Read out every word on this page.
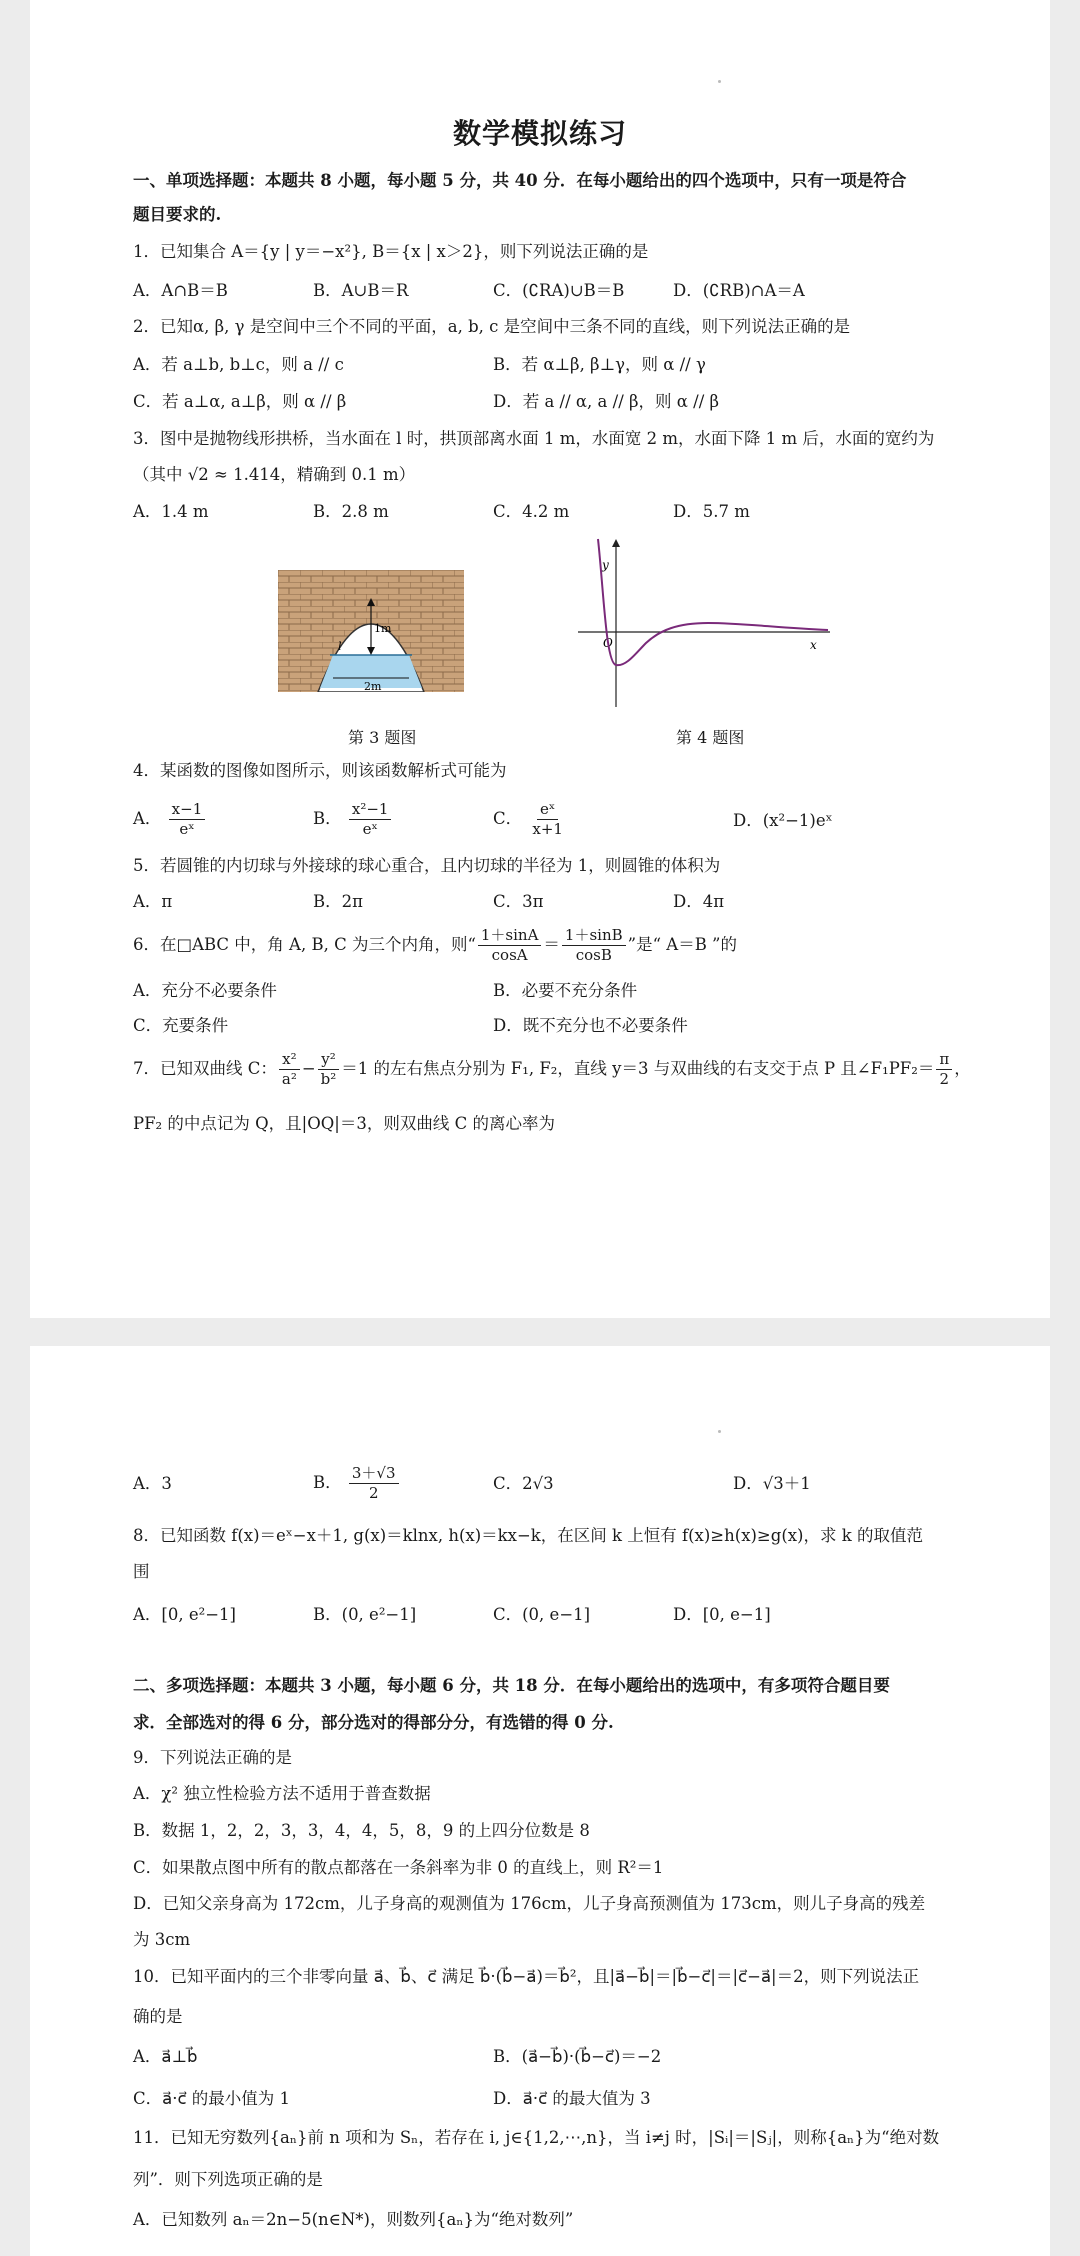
数学模拟练习
一、单项选择题：本题共 8 小题，每小题 5 分，共 40 分．在每小题给出的四个选项中，只有一项是符合
题目要求的.
1．已知集合 A＝{y | y＝−x²}, B＝{x | x＞2}，则下列说法正确的是
A．A∩B＝B	B．A∪B＝R	C．(∁RA)∪B＝B	D．(∁RB)∩A＝A
2．已知α, β, γ 是空间中三个不同的平面，a, b, c 是空间中三条不同的直线，则下列说法正确的是
A．若 a⊥b, b⊥c，则 a // c	B．若 α⊥β, β⊥γ，则 α // γ
C．若 a⊥α, a⊥β，则 α // β	D．若 a // α, a // β，则 α // β
3．图中是抛物线形拱桥，当水面在 l 时，拱顶部离水面 1 m，水面宽 2 m，水面下降 1 m 后，水面的宽约为
（其中 √2 ≈ 1.414，精确到 0.1 m）
A．1.4 m	B．2.8 m	C．4.2 m	D．5.7 m
1m
l
2m
第 3 题图
y
x
O
第 4 题图
4．某函数的图像如图所示，则该函数解析式可能为
A． $\frac{x-1}{\text{eˣ}}$	B． $\frac{\text{x²−1}}{\text{eˣ}}$	C． $\frac{\text{eˣ}}{x+1}$	D．(x²−1)eˣ
5．若圆锥的内切球与外接球的球心重合，且内切球的半径为 1，则圆锥的体积为
A．π	B．2π	C．3π	D．4π
6．在□ABC 中，角 A, B, C 为三个内角，则“ $\frac{1+\sin A}{\cos A} = \frac{1+\sin B}{\cos B}$ ”是“ A＝B ”的
A．充分不必要条件	B．必要不充分条件
C．充要条件	D．既不充分也不必要条件
7．已知双曲线 C： $\frac{\text{x²}}{\text{a²}} - \frac{\text{y²}}{\text{b²}} =1$ 的左右焦点分别为 F₁, F₂，直线 y＝3 与双曲线的右支交于点 P 且∠F₁PF₂＝ $\frac{\pi}{2}$ ，
PF₂ 的中点记为 Q，且|OQ|＝3，则双曲线 C 的离心率为
A．3	B． $\frac{3+√3}{2}$	C．2√3	D．√3＋1
8．已知函数 f(x)＝eˣ−x＋1, g(x)＝klnx, h(x)＝kx−k，在区间 k 上恒有 f(x)≥h(x)≥g(x)，求 k 的取值范
围
A．[0, e²−1]	B．(0, e²−1]	C．(0, e−1]	D．[0, e−1]
二、多项选择题：本题共 3 小题，每小题 6 分，共 18 分．在每小题给出的选项中，有多项符合题目要
求．全部选对的得 6 分，部分选对的得部分分，有选错的得 0 分.
9．下列说法正确的是
A．χ² 独立性检验方法不适用于普查数据
B．数据 1，2，2，3，3，4，4，5，8，9 的上四分位数是 8
C．如果散点图中所有的散点都落在一条斜率为非 0 的直线上，则 R²＝1
D．已知父亲身高为 172cm，儿子身高的观测值为 176cm，儿子身高预测值为 173cm，则儿子身高的残差
为 3cm
10．已知平面内的三个非零向量 a⃗、b⃗、c⃗ 满足 b⃗·(b⃗−a⃗)＝b⃗²，且|a⃗−b⃗|＝|b⃗−c⃗|＝|c⃗−a⃗|＝2，则下列说法正
确的是
A．a⃗⊥b⃗	B．(a⃗−b⃗)·(b⃗−c⃗)＝−2
C．a⃗·c⃗ 的最小值为 1	D．a⃗·c⃗ 的最大值为 3
11．已知无穷数列{aₙ}前 n 项和为 Sₙ，若存在 i, j∈{1,2,⋯,n}，当 i≠j 时，|Sᵢ|＝|Sⱼ|，则称{aₙ}为“绝对数
列”．则下列选项正确的是
A．已知数列 aₙ＝2n−5(n∈N*)，则数列{aₙ}为“绝对数列”
